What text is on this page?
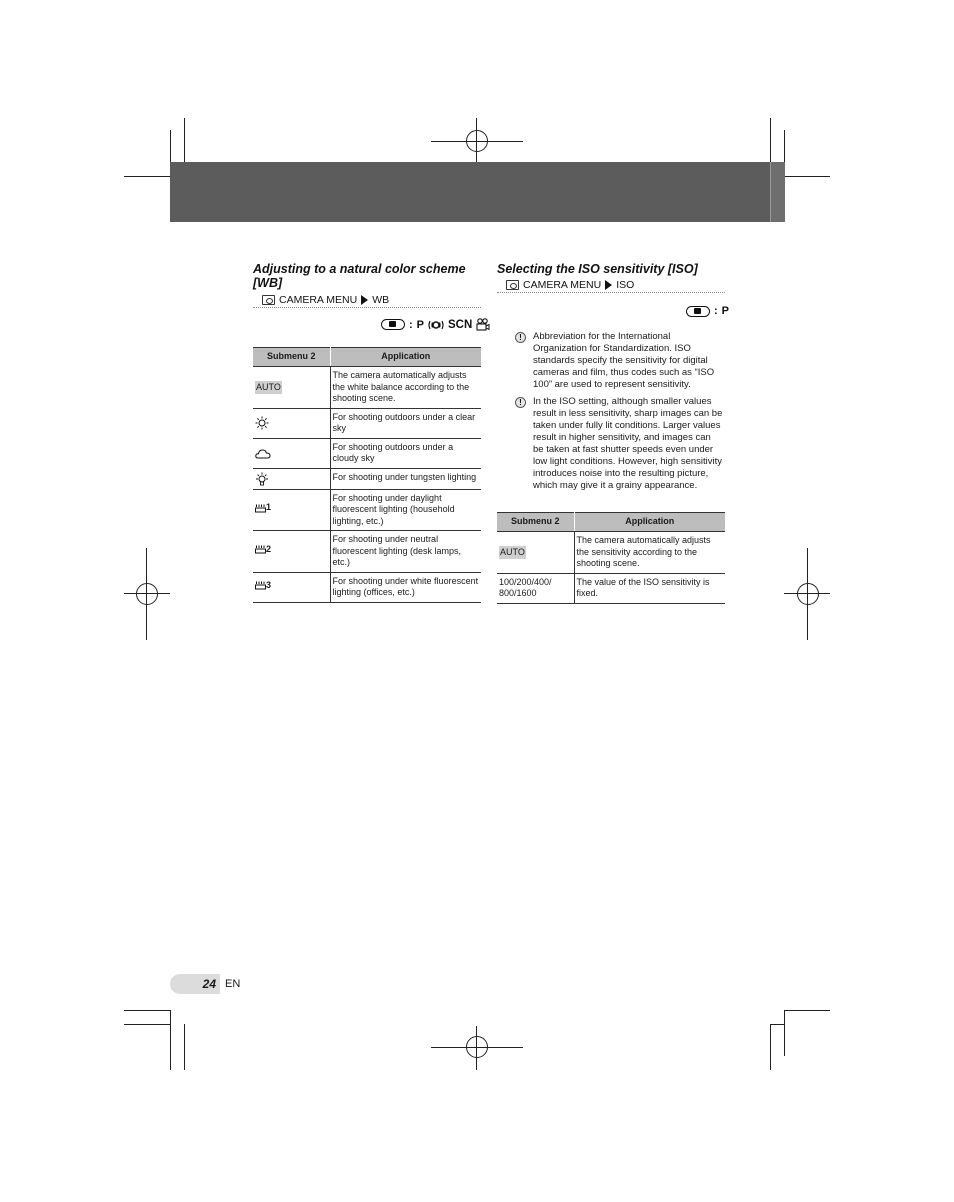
Adjusting to a natural color scheme
[WB]
CAMERA MENU WB
: P SCN
Submenu 2	Application
AUTO	The camera automatically adjusts the white balance according to the shooting scene.

	For shooting outdoors under a clear sky

	For shooting outdoors under a cloudy sky

	For shooting under tungsten lighting

1	For shooting under daylight fluorescent lighting (household lighting, etc.)

2	For shooting under neutral fluorescent lighting (desk lamps, etc.)

3	For shooting under white fluorescent lighting (offices, etc.)
Selecting the ISO sensitivity [ISO]
CAMERA MENU ISO
: P
!	Abbreviation for the International Organization for Standardization. ISO standards specify the sensitivity for digital cameras and film, thus codes such as “ISO 100” are used to represent sensitivity.
!	In the ISO setting, although smaller values result in less sensitivity, sharp images can be taken under fully lit conditions. Larger values result in higher sensitivity, and images can be taken at fast shutter speeds even under low light conditions. However, high sensitivity introduces noise into the resulting picture, which may give it a grainy appearance.
Submenu 2	Application
AUTO	The camera automatically adjusts the sensitivity according to the shooting scene.
100/200/400/ 800/1600	The value of the ISO sensitivity is fixed.
24 EN
